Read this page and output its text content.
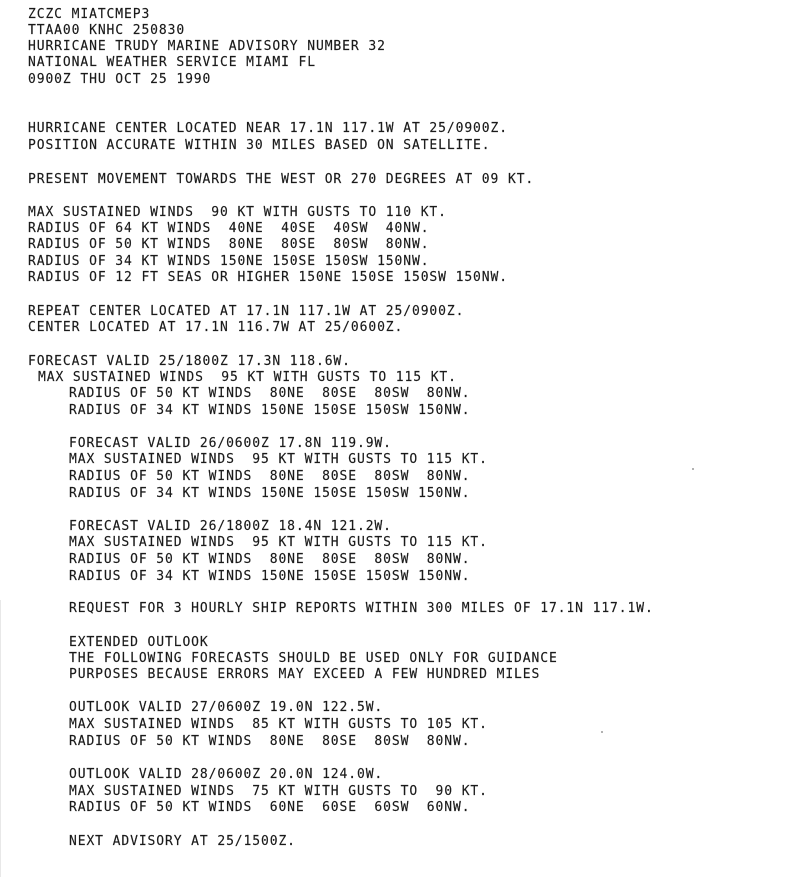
ZCZC MIATCMEP3

TTAA00 KNHC 250830

HURRICANE TRUDY MARINE ADVISORY NUMBER 32

NATIONAL WEATHER SERVICE MIAMI FL

0900Z THU OCT 25 1990

HURRICANE CENTER LOCATED NEAR 17.1N 117.1W AT 25/0900Z.

POSITION ACCURATE WITHIN 30 MILES BASED ON SATELLITE.

PRESENT MOVEMENT TOWARDS THE WEST OR 270 DEGREES AT 09 KT.

MAX SUSTAINED WINDS  90 KT WITH GUSTS TO 110 KT.

RADIUS OF 64 KT WINDS  40NE  40SE  40SW  40NW.

RADIUS OF 50 KT WINDS  80NE  80SE  80SW  80NW.

RADIUS OF 34 KT WINDS 150NE 150SE 150SW 150NW.

RADIUS OF 12 FT SEAS OR HIGHER 150NE 150SE 150SW 150NW.

REPEAT CENTER LOCATED AT 17.1N 117.1W AT 25/0900Z.

CENTER LOCATED AT 17.1N 116.7W AT 25/0600Z.

FORECAST VALID 25/1800Z 17.3N 118.6W.

MAX SUSTAINED WINDS  95 KT WITH GUSTS TO 115 KT.

RADIUS OF 50 KT WINDS  80NE  80SE  80SW  80NW.

RADIUS OF 34 KT WINDS 150NE 150SE 150SW 150NW.

FORECAST VALID 26/0600Z 17.8N 119.9W.

MAX SUSTAINED WINDS  95 KT WITH GUSTS TO 115 KT.

RADIUS OF 50 KT WINDS  80NE  80SE  80SW  80NW.

RADIUS OF 34 KT WINDS 150NE 150SE 150SW 150NW.

FORECAST VALID 26/1800Z 18.4N 121.2W.

MAX SUSTAINED WINDS  95 KT WITH GUSTS TO 115 KT.

RADIUS OF 50 KT WINDS  80NE  80SE  80SW  80NW.

RADIUS OF 34 KT WINDS 150NE 150SE 150SW 150NW.

REQUEST FOR 3 HOURLY SHIP REPORTS WITHIN 300 MILES OF 17.1N 117.1W.

EXTENDED OUTLOOK

THE FOLLOWING FORECASTS SHOULD BE USED ONLY FOR GUIDANCE

PURPOSES BECAUSE ERRORS MAY EXCEED A FEW HUNDRED MILES

OUTLOOK VALID 27/0600Z 19.0N 122.5W.

MAX SUSTAINED WINDS  85 KT WITH GUSTS TO 105 KT.

RADIUS OF 50 KT WINDS  80NE  80SE  80SW  80NW.

OUTLOOK VALID 28/0600Z 20.0N 124.0W.

MAX SUSTAINED WINDS  75 KT WITH GUSTS TO  90 KT.

RADIUS OF 50 KT WINDS  60NE  60SE  60SW  60NW.

NEXT ADVISORY AT 25/1500Z.
